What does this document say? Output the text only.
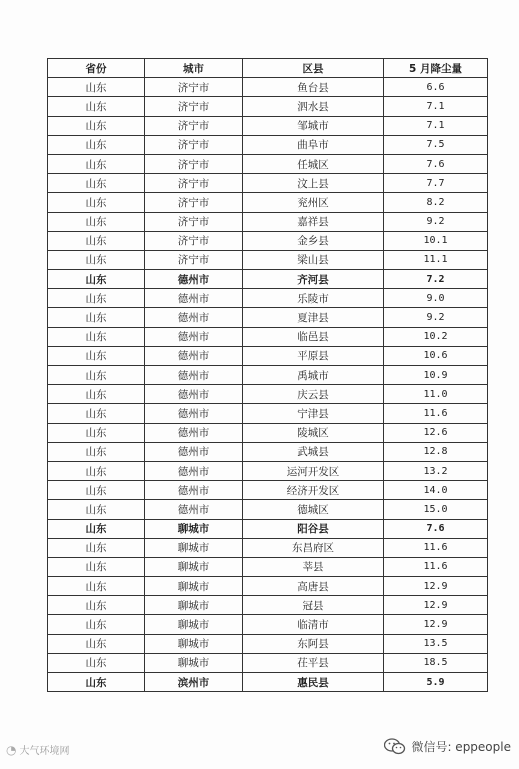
省份	城市	区县	5 月降尘量
山东	济宁市	鱼台县	6.6
山东	济宁市	泗水县	7.1
山东	济宁市	邹城市	7.1
山东	济宁市	曲阜市	7.5
山东	济宁市	任城区	7.6
山东	济宁市	汶上县	7.7
山东	济宁市	兖州区	8.2
山东	济宁市	嘉祥县	9.2
山东	济宁市	金乡县	10.1
山东	济宁市	梁山县	11.1
山东	德州市	齐河县	7.2
山东	德州市	乐陵市	9.0
山东	德州市	夏津县	9.2
山东	德州市	临邑县	10.2
山东	德州市	平原县	10.6
山东	德州市	禹城市	10.9
山东	德州市	庆云县	11.0
山东	德州市	宁津县	11.6
山东	德州市	陵城区	12.6
山东	德州市	武城县	12.8
山东	德州市	运河开发区	13.2
山东	德州市	经济开发区	14.0
山东	德州市	德城区	15.0
山东	聊城市	阳谷县	7.6
山东	聊城市	东昌府区	11.6
山东	聊城市	莘县	11.6
山东	聊城市	高唐县	12.9
山东	聊城市	冠县	12.9
山东	聊城市	临清市	12.9
山东	聊城市	东阿县	13.5
山东	聊城市	茌平县	18.5
山东	滨州市	惠民县	5.9
◔ 大气环境网	微信号: eppeople
